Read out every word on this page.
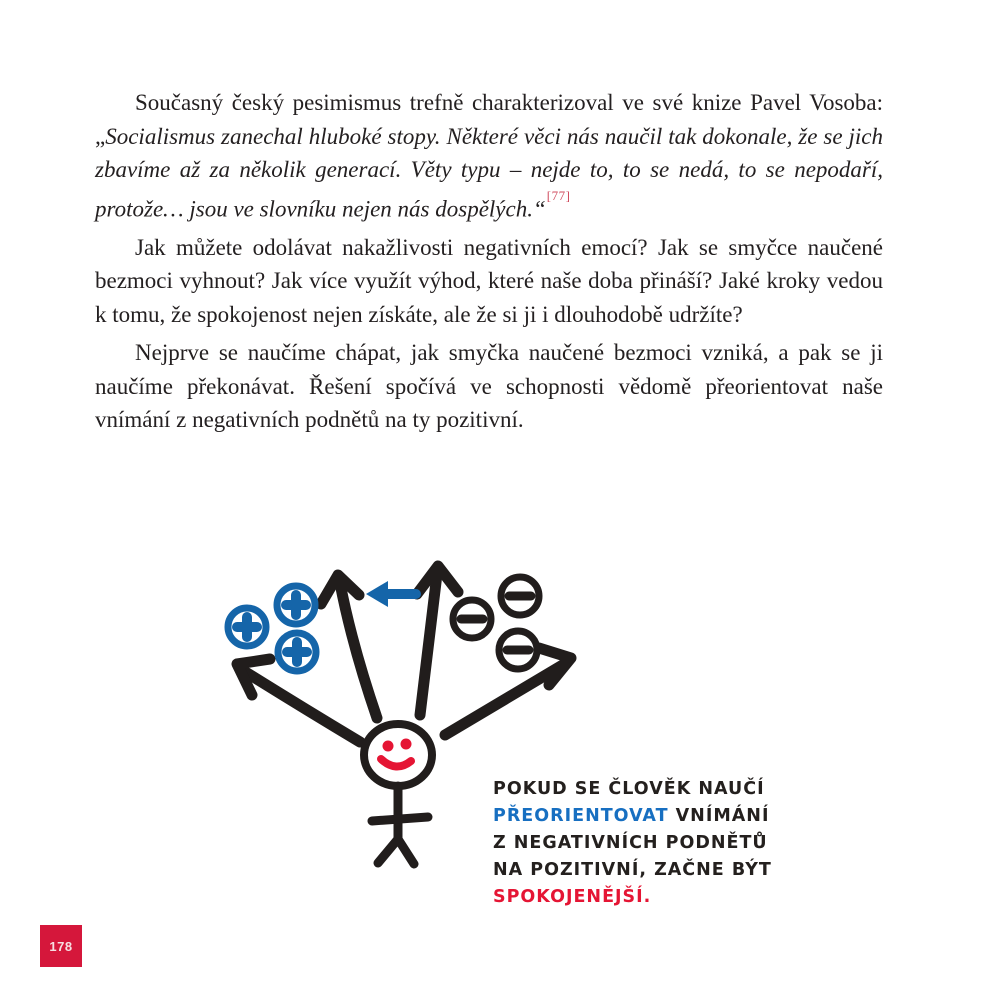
Současný český pesimismus trefně charakterizoval ve své knize Pavel Vosoba: „Socialismus zanechal hluboké stopy. Některé věci nás naučil tak dokonale, že se jich zbavíme až za několik generací. Věty typu – nejde to, to se nedá, to se nepodaří, protože… jsou ve slovníku nejen nás dospělých.“[77]

Jak můžete odolávat nakažlivosti negativních emocí? Jak se smyčce naučené bezmoci vyhnout? Jak více využít výhod, které naše doba přináší? Jaké kroky vedou k tomu, že spokojenost nejen získáte, ale že si ji i dlouhodobě udržíte?

Nejprve se naučíme chápat, jak smyčka naučené bezmoci vzniká, a pak se ji naučíme překonávat. Řešení spočívá ve schopnosti vědomě přeorientovat naše vnímání z negativních podnětů na ty pozitivní.

POKUD SE ČLOVĚK NAUČÍ
PŘEORIENTOVAT VNÍMÁNÍ
Z NEGATIVNÍCH PODNĚTŮ
NA POZITIVNÍ, ZAČNE BÝT
SPOKOJENĚJŠÍ.
178
